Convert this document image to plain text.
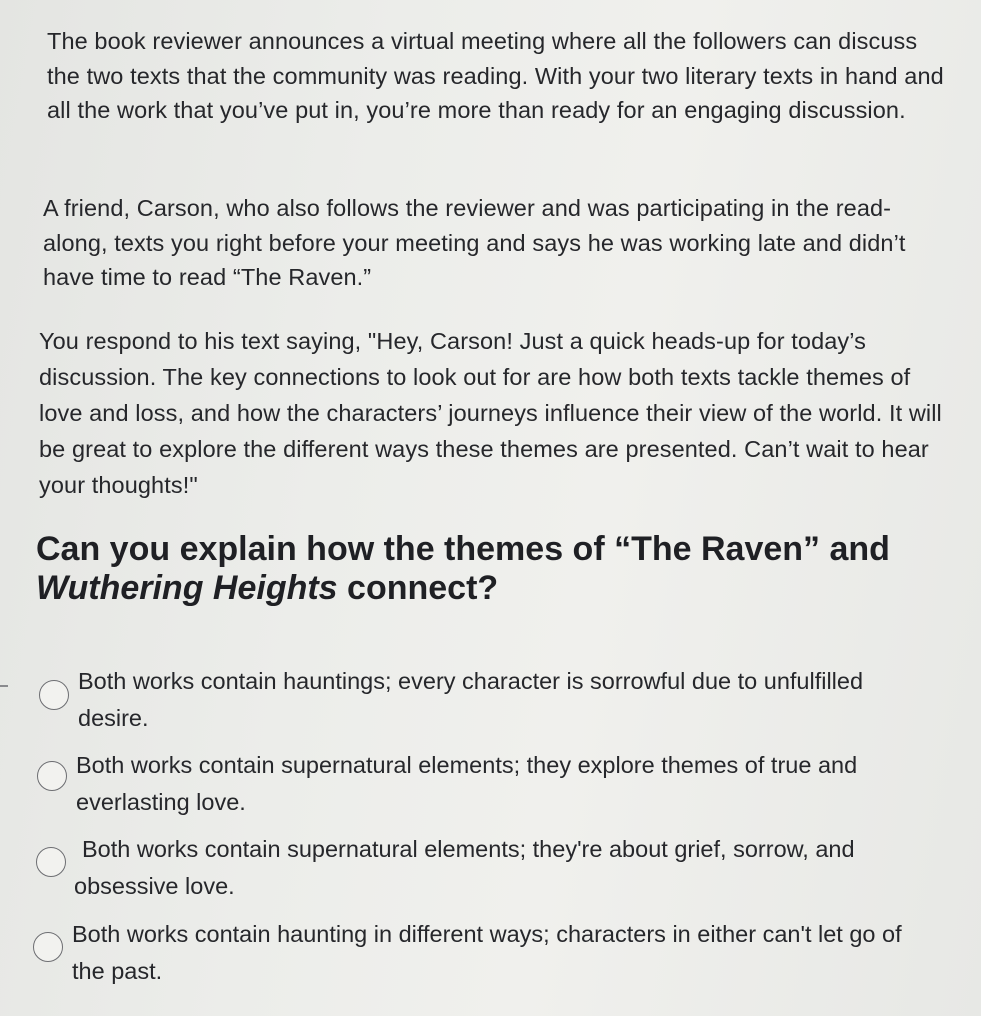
The book reviewer announces a virtual meeting where all the followers can discuss the two texts that the community was reading. With your two literary texts in hand and all the work that you’ve put in, you’re more than ready for an engaging discussion.

A friend, Carson, who also follows the reviewer and was participating in the read-along, texts you right before your meeting and says he was working late and didn’t have time to read “The Raven.”

You respond to his text saying, "Hey, Carson! Just a quick heads-up for today’s discussion. The key connections to look out for are how both texts tackle themes of love and loss, and how the characters’ journeys influence their view of the world. It will be great to explore the different ways these themes are presented. Can’t wait to hear your thoughts!"

Can you explain how the themes of “The Raven” and Wuthering Heights connect?

Both works contain hauntings; every character is sorrowful due to unfulfilled desire.

Both works contain supernatural elements; they explore themes of true and everlasting love.

Both works contain supernatural elements; they're about grief, sorrow, and obsessive love.

Both works contain haunting in different ways; characters in either can't let go of the past.
